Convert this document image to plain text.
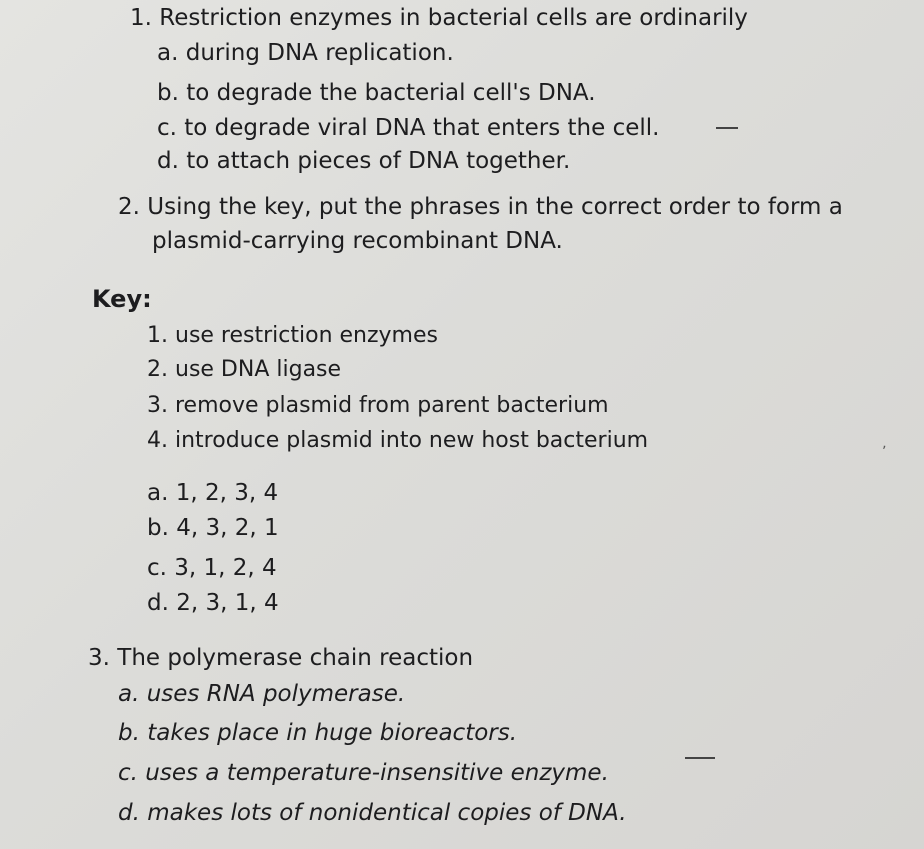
1. Restriction enzymes in bacterial cells are ordinarily
a. during DNA replication.
b. to degrade the bacterial cell's DNA.
c. to degrade viral DNA that enters the cell.
d. to attach pieces of DNA together.
2. Using the key, put the phrases in the correct order to form a
plasmid-carrying recombinant DNA.
Key:
1. use restriction enzymes
2. use DNA ligase
3. remove plasmid from parent bacterium
4. introduce plasmid into new host bacterium	ʼ
a. 1, 2, 3, 4
b. 4, 3, 2, 1
c. 3, 1, 2, 4
d. 2, 3, 1, 4
3. The polymerase chain reaction
a. uses RNA polymerase.
b. takes place in huge bioreactors.
c. uses a temperature-insensitive enzyme.
d. makes lots of nonidentical copies of DNA.
